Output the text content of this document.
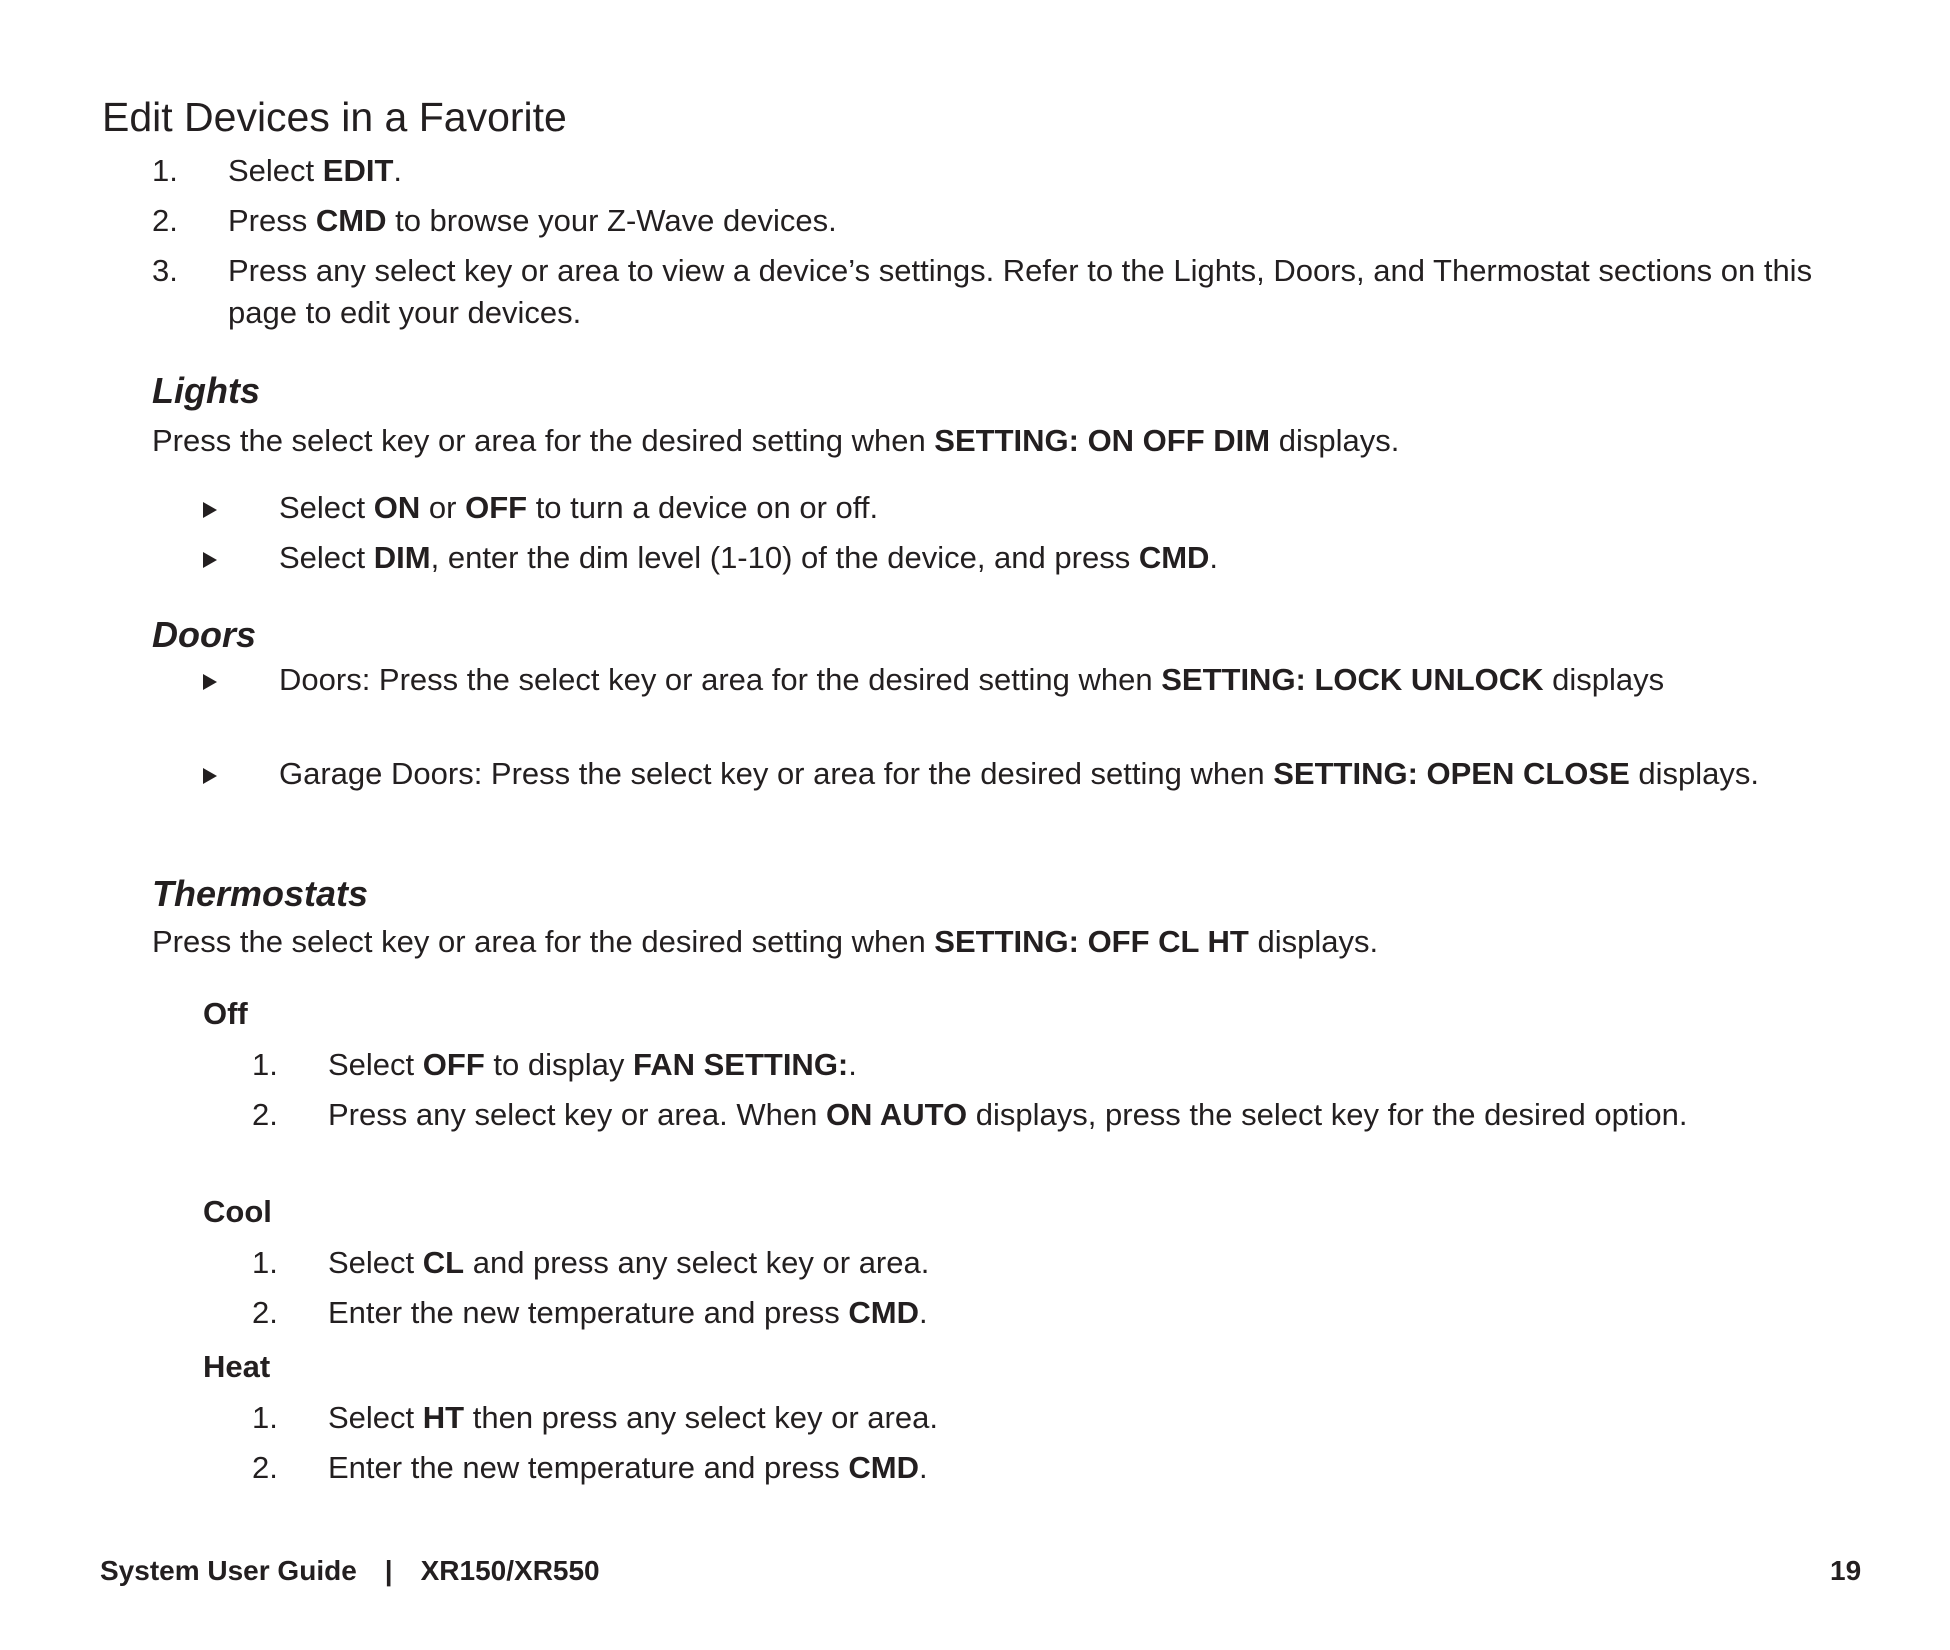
Edit Devices in a Favorite
1. Select EDIT.
2. Press CMD to browse your Z-Wave devices.
3. Press any select key or area to view a device’s settings. Refer to the Lights, Doors, and Thermostat sections on this page to edit your devices.
Lights

Press the select key or area for the desired setting when SETTING: ON OFF DIM displays.

Select ON or OFF to turn a device on or off.
Select DIM, enter the dim level (1-10) of the device, and press CMD.
Doors
Doors: Press the select key or area for the desired setting when SETTING: LOCK UNLOCK displays
Garage Doors: Press the select key or area for the desired setting when SETTING: OPEN CLOSE displays.
Thermostats

Press the select key or area for the desired setting when SETTING: OFF CL HT displays.

Off
1. Select OFF to display FAN SETTING:.
2. Press any select key or area. When ON AUTO displays, press the select key for the desired option.
Cool
1. Select CL and press any select key or area.
2. Enter the new temperature and press CMD.
Heat
1. Select HT then press any select key or area.
2. Enter the new temperature and press CMD.
System User Guide | XR150/XR550	19
